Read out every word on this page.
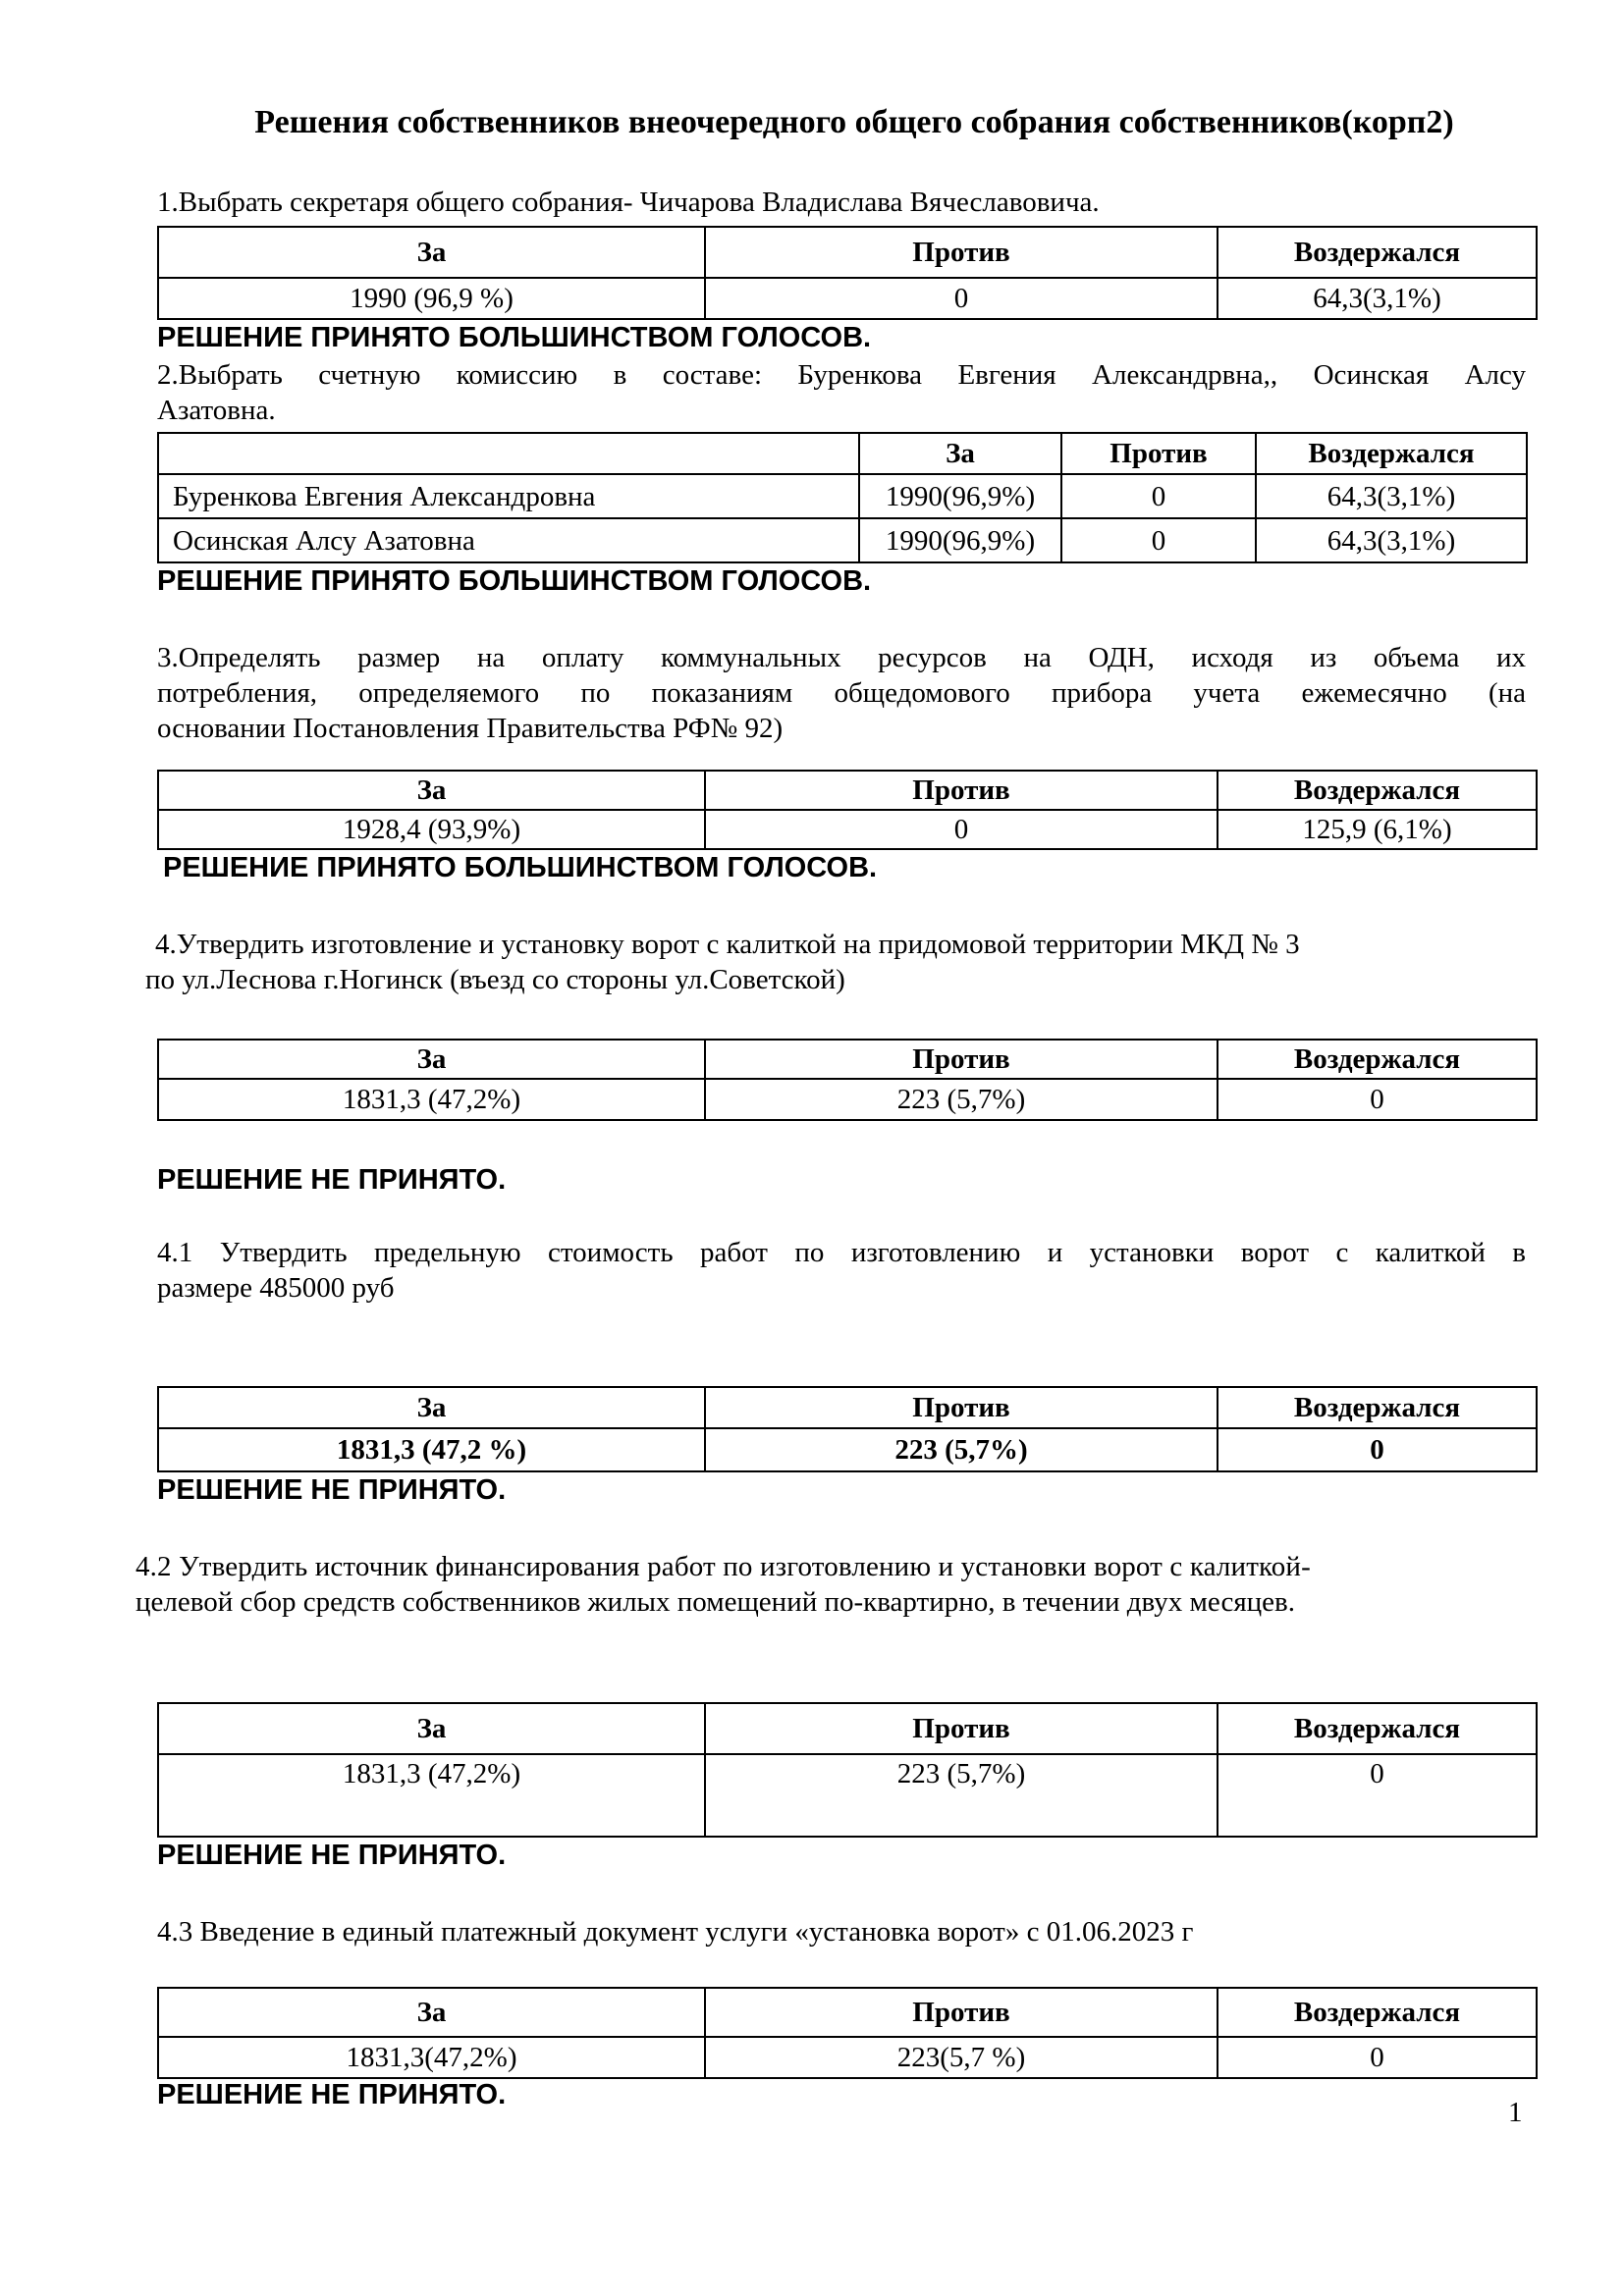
Решения собственников внеочередного общего собрания собственников(корп2)

1.Выбрать секретаря общего собрания- Чичарова Владислава Вячеславовича.

За	Против	Воздержался
1990 (96,9 %)	0	64,3(3,1%)

РЕШЕНИЕ ПРИНЯТО БОЛЬШИНСТВОМ ГОЛОСОВ.

2.Выбрать счетную комиссию в составе: Буренкова Евгения Александрвна,, Осинская Алсу
Азатовна.
	За	Против	Воздержался
Буренкова Евгения Александровна	1990(96,9%)	0	64,3(3,1%)
Осинская Алсу Азатовна	1990(96,9%)	0	64,3(3,1%)

РЕШЕНИЕ ПРИНЯТО БОЛЬШИНСТВОМ ГОЛОСОВ.

3.Определять размер на оплату коммунальных ресурсов на ОДН, исходя из объема их
потребления, определяемого по показаниям общедомового прибора учета ежемесячно (на
основании Постановления Правительства РФ№ 92)
За	Против	Воздержался
1928,4 (93,9%)	0	125,9 (6,1%)

РЕШЕНИЕ ПРИНЯТО БОЛЬШИНСТВОМ ГОЛОСОВ.

4.Утвердить изготовление и установку ворот с калиткой на придомовой территории МКД № 3
по ул.Леснова г.Ногинск (въезд со стороны ул.Советской)
За	Против	Воздержался
1831,3 (47,2%)	223 (5,7%)	0

РЕШЕНИЕ НЕ ПРИНЯТО.

4.1 Утвердить предельную стоимость работ по изготовлению и установки ворот с калиткой в
размере 485000 руб
За	Против	Воздержался
1831,3 (47,2 %)	223 (5,7%)	0

РЕШЕНИЕ НЕ ПРИНЯТО.

4.2 Утвердить источник финансирования работ по изготовлению и установки ворот с калиткой-
целевой сбор средств собственников жилых помещений по-квартирно, в течении двух месяцев.
За	Против	Воздержался
1831,3 (47,2%)	223 (5,7%)	0

РЕШЕНИЕ НЕ ПРИНЯТО.

4.3 Введение в единый платежный документ услуги «установка ворот» с 01.06.2023 г

За	Против	Воздержался
1831,3(47,2%)	223(5,7 %)	0

РЕШЕНИЕ НЕ ПРИНЯТО.

1
